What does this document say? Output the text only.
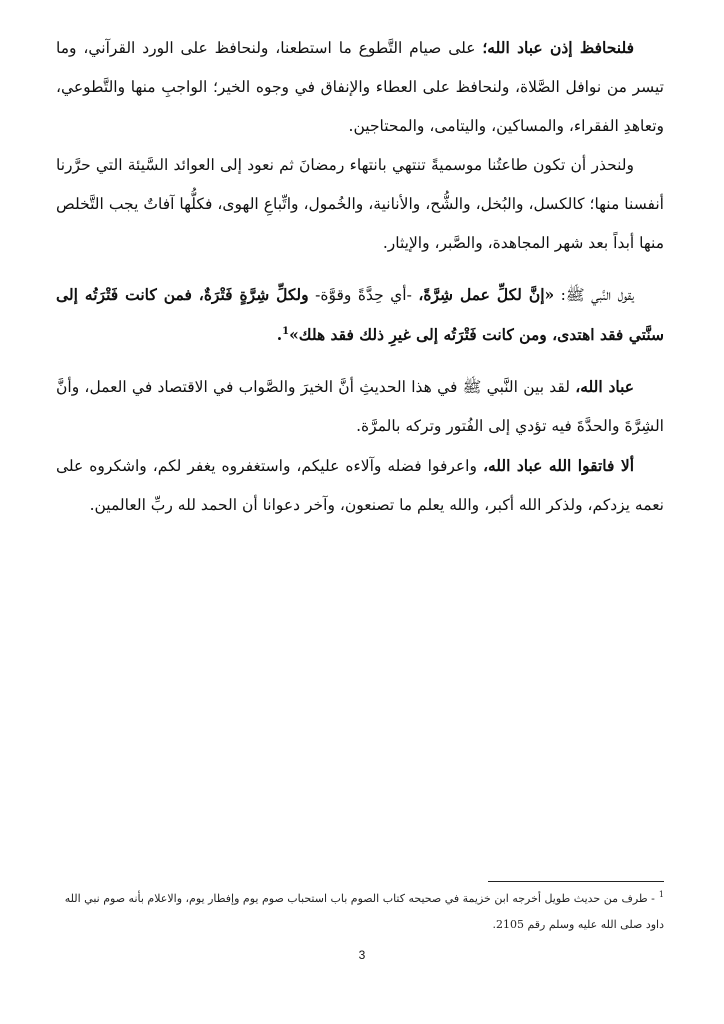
فلنحافظ إذن عباد الله؛ على صيام التَّطوع ما استطعنا، ولنحافظ على الورد القرآني، وما تيسر من نوافل الصَّلاة، ولنحافظ على العطاء والإنفاق في وجوه الخير؛ الواجبِ منها والتَّطوعي، وتعاهدِ الفقراء، والمساكين، واليتامى، والمحتاجين.

ولنحذر أن تكون طاعتُنا موسميةً تنتهي بانتهاء رمضانَ ثم نعود إلى العوائد السَّيئة التي حرَّرنا أنفسنا منها؛ كالكسل، والبُخل، والشُّح، والأنانية، والخُمول، واتِّباعِ الهوى، فكلُّها آفاتٌ يجب التَّخلص منها أبداً بعد شهر المجاهدة، والصَّبر، والإيثار.

يقول النَّبي ﷺ: «إنَّ لكلِّ عمل شِرَّةً، -أي حِدَّةً وقوَّة- ولكلِّ شِرَّةٍ فَتْرَةٌ، فمن كانت فَتْرَتُه إلى سنَّتي فقد اهتدى، ومن كانت فَتْرَتُه إلى غيرِ ذلك فقد هلك»$^1$.

عباد الله، لقد بين النَّبي ﷺ في هذا الحديثِ أنَّ الخيرَ والصَّواب في الاقتصاد في العمل، وأنَّ الشِرَّةَ والحدَّةَ فيه تؤدي إلى الفُتور وتركه بالمرَّة.

ألا فاتقوا الله عباد الله، واعرفوا فضله وآلاءه عليكم، واستغفروه يغفر لكم، واشكروه على نعمه يزدكم، ولذكر الله أكبر، والله يعلم ما تصنعون، وآخر دعوانا أن الحمد لله ربِّ العالمين.

$^1$- طرف من حديث طويل أخرجه ابن خزيمة في صحيحه كتاب الصوم باب استحباب صوم يوم وإفطار يوم، والاعلام بأنه صوم نبي الله داود صلى الله عليه وسلم رقم 2105.
3
